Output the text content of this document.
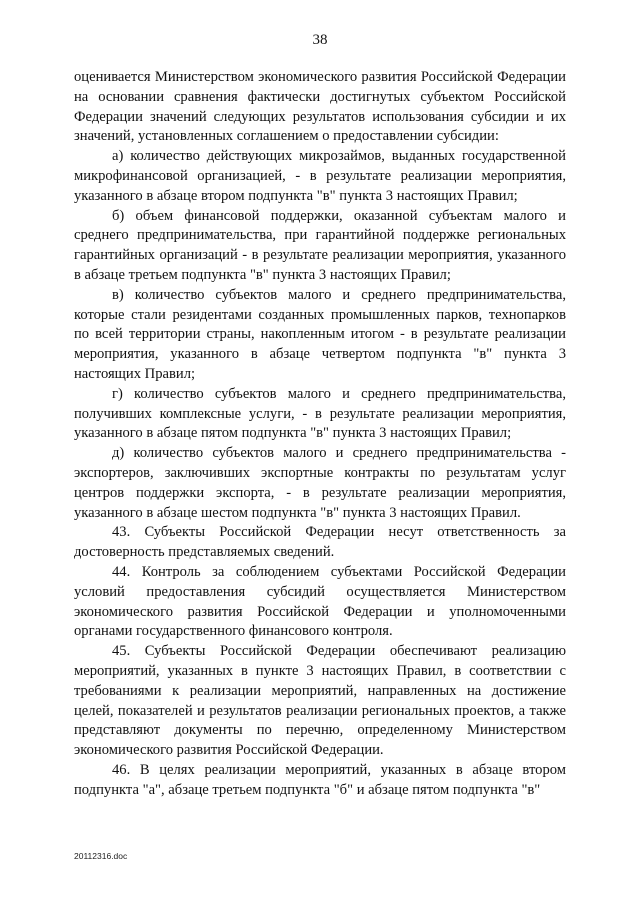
38

оценивается Министерством экономического развития Российской Федерации на основании сравнения фактически достигнутых субъектом Российской Федерации значений следующих результатов использования субсидии и их значений, установленных соглашением о предоставлении субсидии:

а) количество действующих микрозаймов, выданных государственной микрофинансовой организацией, - в результате реализации мероприятия, указанного в абзаце втором подпункта "в" пункта 3 настоящих Правил;

б) объем финансовой поддержки, оказанной субъектам малого и среднего предпринимательства, при гарантийной поддержке региональных гарантийных организаций - в результате реализации мероприятия, указанного в абзаце третьем подпункта "в" пункта 3 настоящих Правил;

в) количество субъектов малого и среднего предпринимательства, которые стали резидентами созданных промышленных парков, технопарков по всей территории страны, накопленным итогом - в результате реализации мероприятия, указанного в абзаце четвертом подпункта "в" пункта 3 настоящих Правил;

г) количество субъектов малого и среднего предпринимательства, получивших комплексные услуги, - в результате реализации мероприятия, указанного в абзаце пятом подпункта "в" пункта 3 настоящих Правил;

д) количество субъектов малого и среднего предпринимательства - экспортеров, заключивших экспортные контракты по результатам услуг центров поддержки экспорта, - в результате реализации мероприятия, указанного в абзаце шестом подпункта "в" пункта 3 настоящих Правил.

43. Субъекты Российской Федерации несут ответственность за достоверность представляемых сведений.

44. Контроль за соблюдением субъектами Российской Федерации условий предоставления субсидий осуществляется Министерством экономического развития Российской Федерации и уполномоченными органами государственного финансового контроля.

45. Субъекты Российской Федерации обеспечивают реализацию мероприятий, указанных в пункте 3 настоящих Правил, в соответствии с требованиями к реализации мероприятий, направленных на достижение целей, показателей и результатов реализации региональных проектов, а также представляют документы по перечню, определенному Министерством экономического развития Российской Федерации.

46. В целях реализации мероприятий, указанных в абзаце втором подпункта "а", абзаце третьем подпункта "б" и абзаце пятом подпункта "в"

20112316.doc
